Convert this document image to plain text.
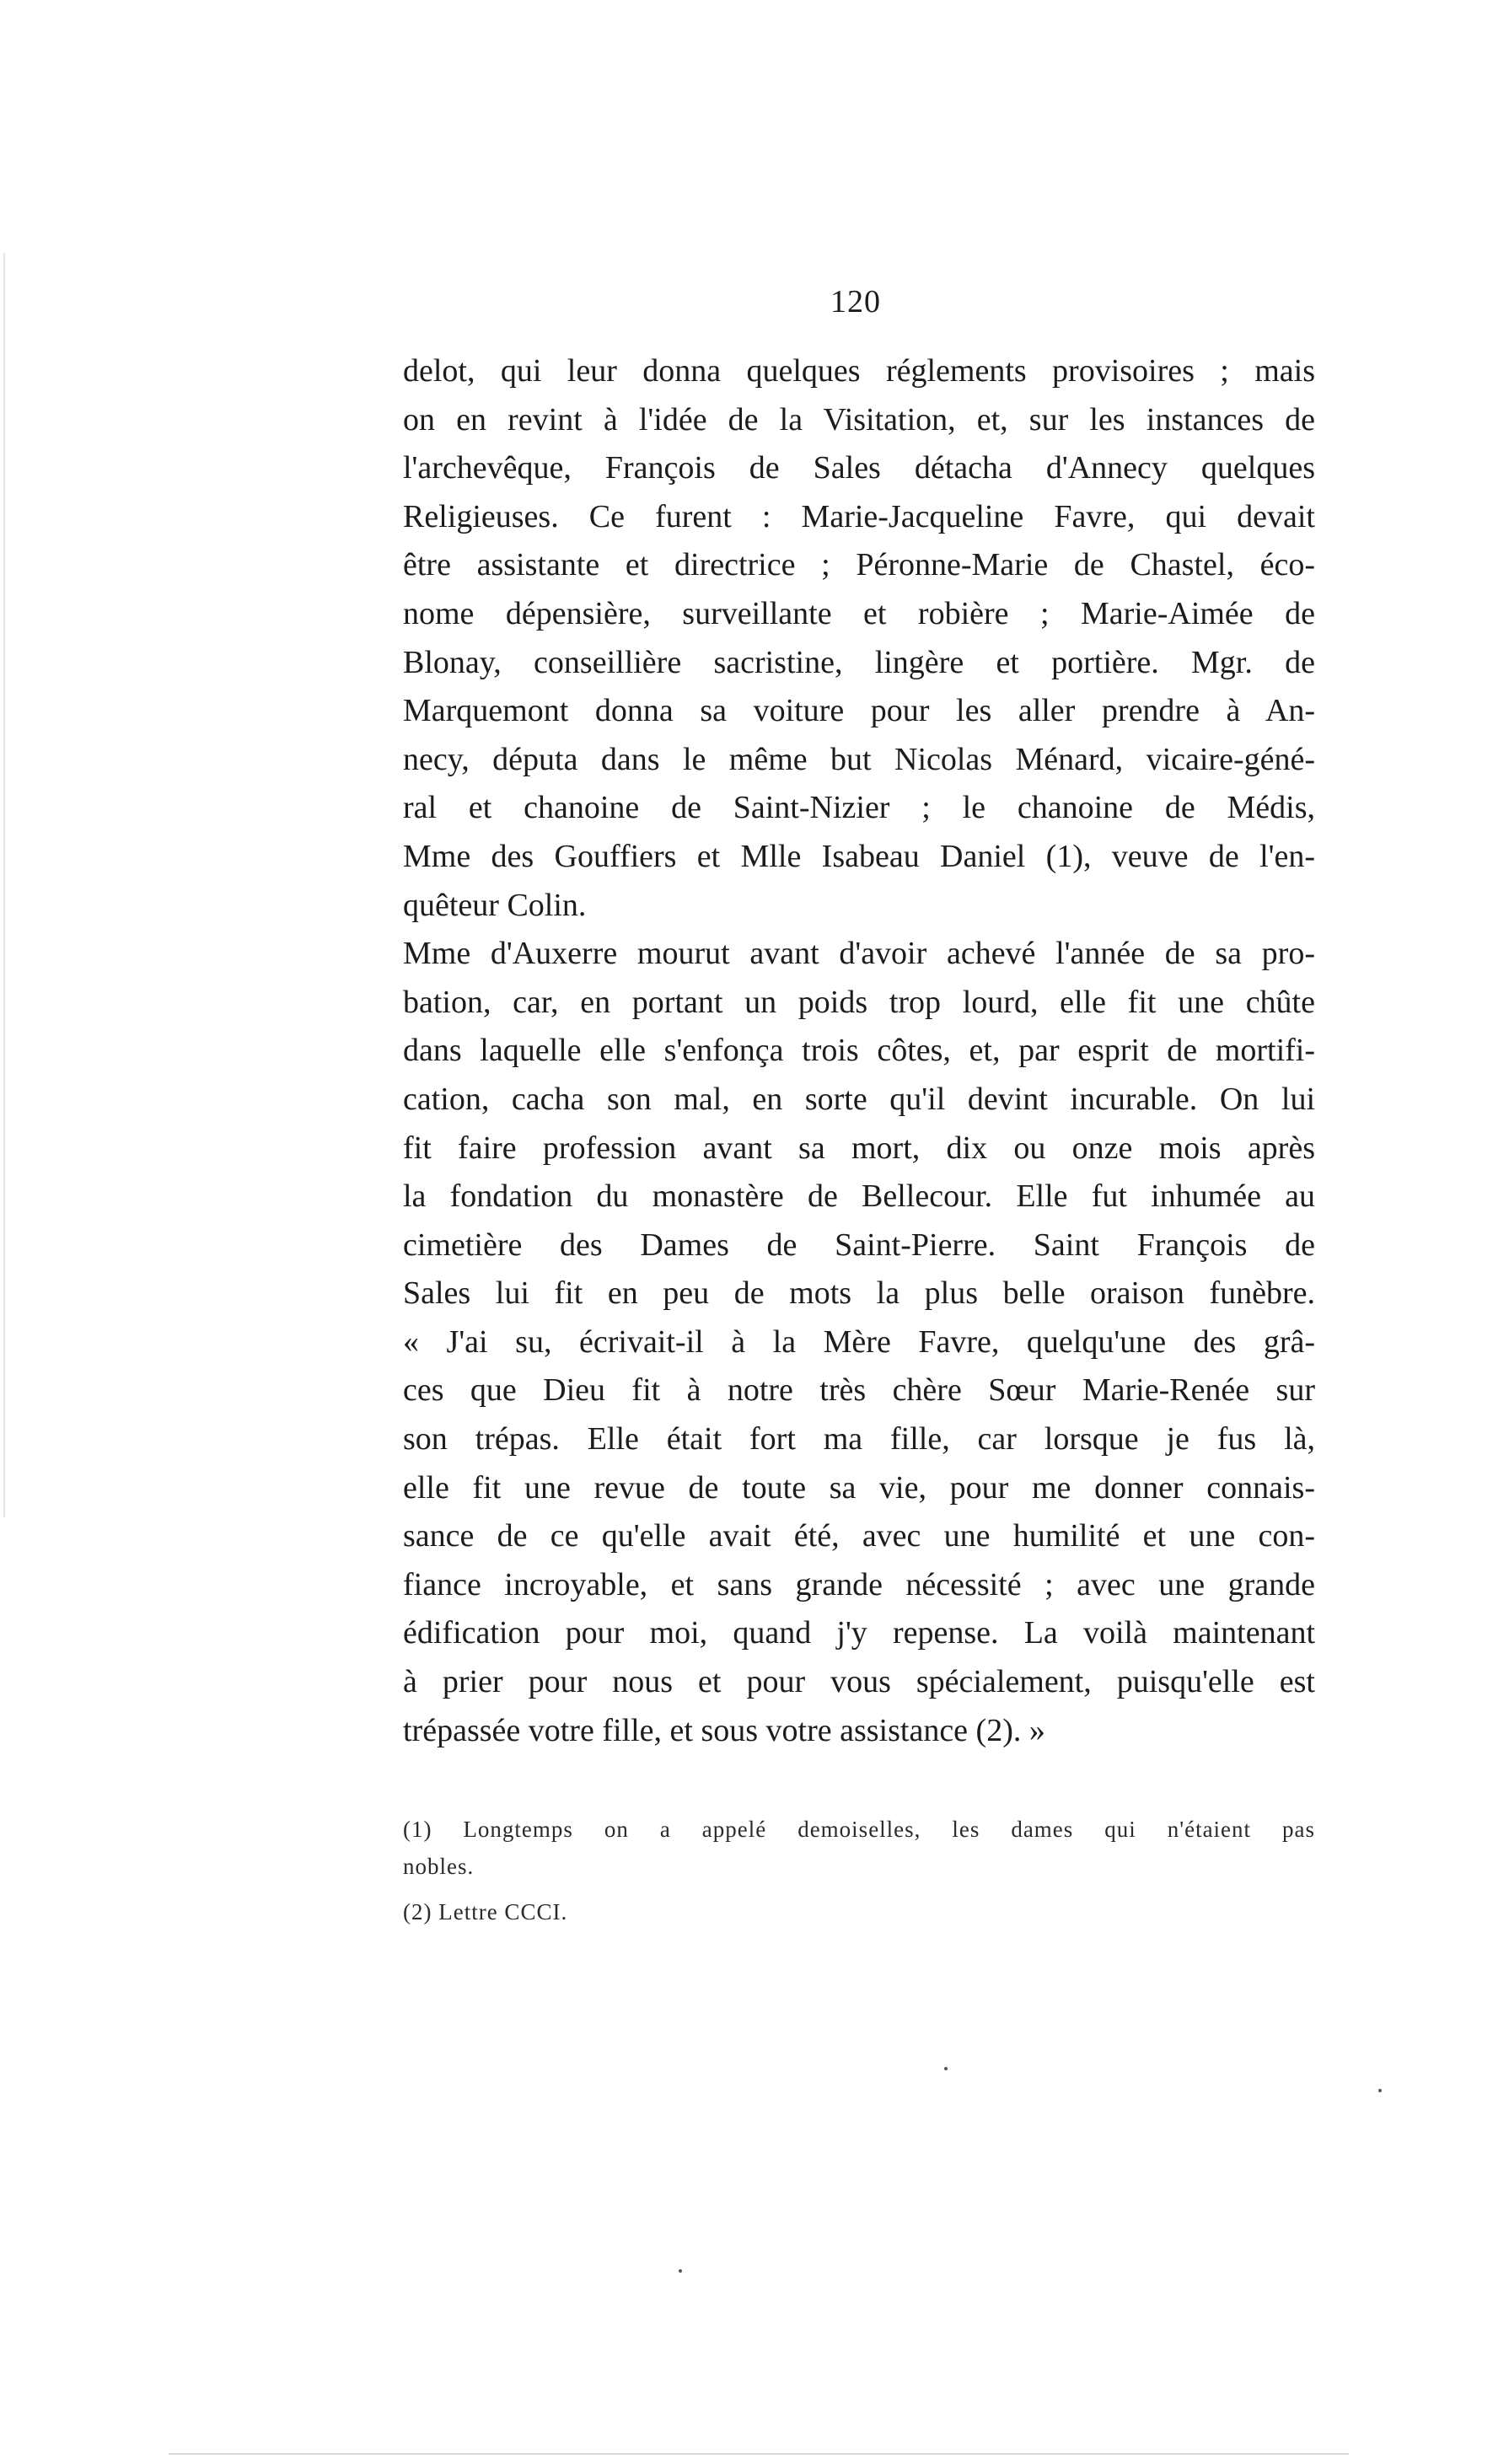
120
delot, qui leur donna quelques réglements provisoires ; mais
on en revint à l'idée de la Visitation, et, sur les instances de
l'archevêque, François de Sales détacha d'Annecy quelques
Religieuses. Ce furent : Marie-Jacqueline Favre, qui devait
être assistante et directrice ; Péronne-Marie de Chastel, éco-
nome dépensière, surveillante et robière ; Marie-Aimée de
Blonay, conseillière sacristine, lingère et portière. Mgr. de
Marquemont donna sa voiture pour les aller prendre à An-
necy, députa dans le même but Nicolas Ménard, vicaire-géné-
ral et chanoine de Saint-Nizier ; le chanoine de Médis,
Mme des Gouffiers et Mlle Isabeau Daniel (1), veuve de l'en-
quêteur Colin.
Mme d'Auxerre mourut avant d'avoir achevé l'année de sa pro-
bation, car, en portant un poids trop lourd, elle fit une chûte
dans laquelle elle s'enfonça trois côtes, et, par esprit de mortifi-
cation, cacha son mal, en sorte qu'il devint incurable. On lui
fit faire profession avant sa mort, dix ou onze mois après
la fondation du monastère de Bellecour. Elle fut inhumée au
cimetière des Dames de Saint-Pierre. Saint François de
Sales lui fit en peu de mots la plus belle oraison funèbre.
« J'ai su, écrivait-il à la Mère Favre, quelqu'une des grâ-
ces que Dieu fit à notre très chère Sœur Marie-Renée sur
son trépas. Elle était fort ma fille, car lorsque je fus là,
elle fit une revue de toute sa vie, pour me donner connais-
sance de ce qu'elle avait été, avec une humilité et une con-
fiance incroyable, et sans grande nécessité ; avec une grande
édification pour moi, quand j'y repense. La voilà maintenant
à prier pour nous et pour vous spécialement, puisqu'elle est
trépassée votre fille, et sous votre assistance (2). »
(1) Longtemps on a appelé demoiselles, les dames qui n'étaient pas
nobles.
(2) Lettre CCCI.
